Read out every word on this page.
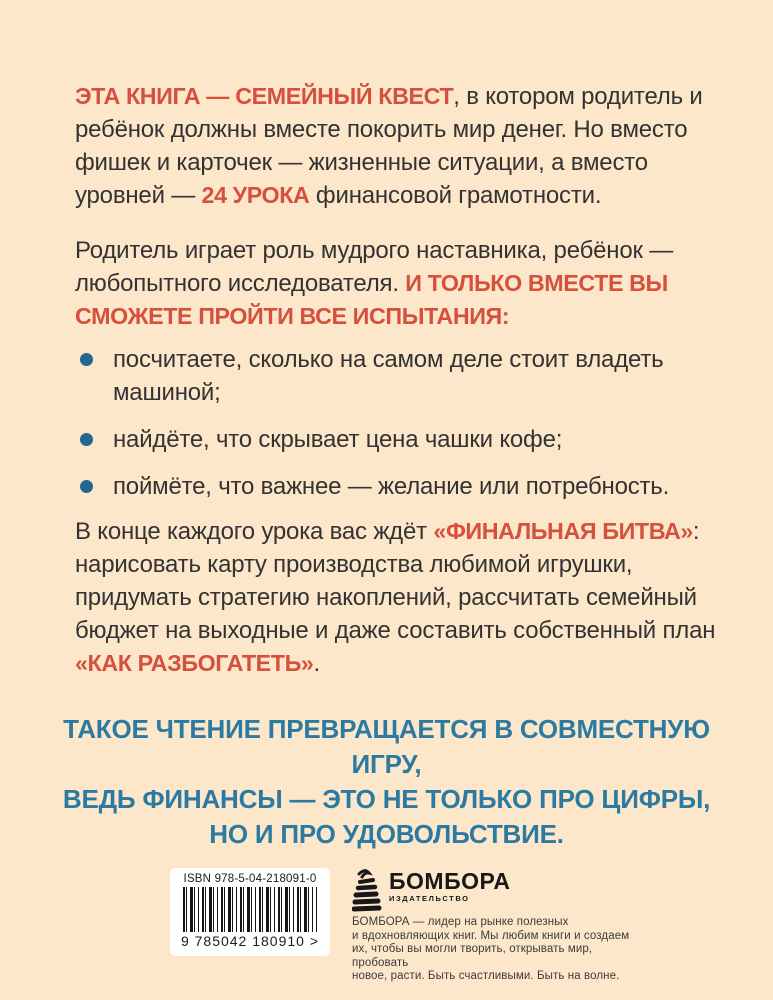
ЭТА КНИГА — СЕМЕЙНЫЙ КВЕСТ, в котором родитель и ребёнок должны вместе покорить мир денег. Но вместо фишек и карточек — жизненные ситуации, а вместо уровней — 24 УРОКА финансовой грамотности.

Родитель играет роль мудрого наставника, ребёнок — любопытного исследователя. И ТОЛЬКО ВМЕСТЕ ВЫ СМОЖЕТЕ ПРОЙТИ ВСЕ ИСПЫТАНИЯ:

посчитаете, сколько на самом деле стоит владеть машиной;
найдёте, что скрывает цена чашки кофе;
поймёте, что важнее — желание или потребность.

В конце каждого урока вас ждёт «ФИНАЛЬНАЯ БИТВА»: нарисовать карту производства любимой игрушки, придумать стратегию накоплений, рассчитать семейный бюджет на выходные и даже составить собственный план «КАК РАЗБОГАТЕТЬ».

ТАКОЕ ЧТЕНИЕ ПРЕВРАЩАЕТСЯ В СОВМЕСТНУЮ ИГРУ,
ВЕДЬ ФИНАНСЫ — ЭТО НЕ ТОЛЬКО ПРО ЦИФРЫ,
НО И ПРО УДОВОЛЬСТВИЕ.
ISBN 978-5-04-218091-0
9 785042 180910 >
БОМБОРА
ИЗДАТЕЛЬСТВО
БОМБОРА — лидер на рынке полезных
и вдохновляющих книг. Мы любим книги и создаем
их, чтобы вы могли творить, открывать мир, пробовать
новое, расти. Быть счастливыми. Быть на волне.
